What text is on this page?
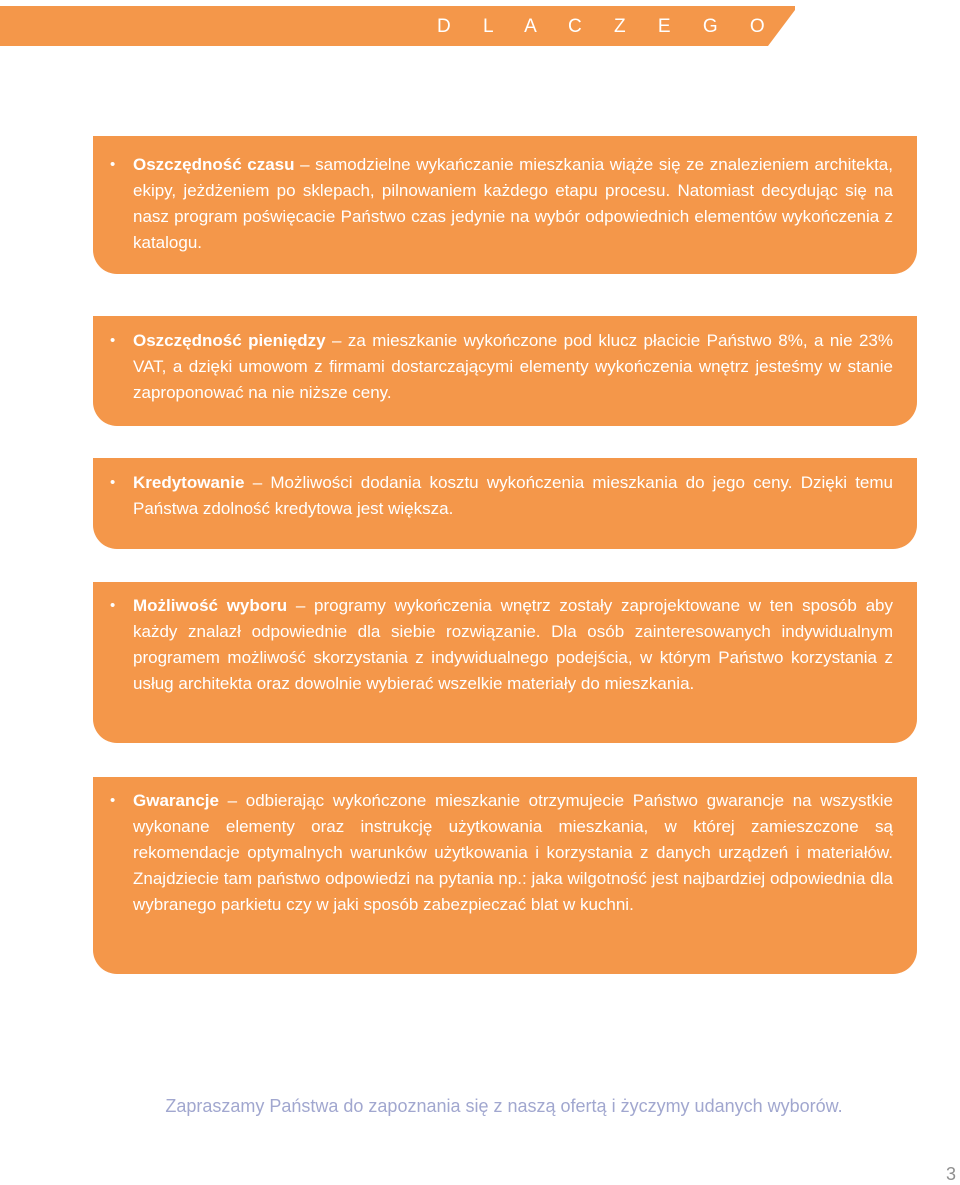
D L A C Z E G O ?
• Oszczędność czasu – samodzielne wykańczanie mieszkania wiąże się ze znalezieniem architekta, ekipy, jeżdżeniem po sklepach, pilnowaniem każdego etapu procesu. Natomiast decydując się na nasz program poświęcacie Państwo czas jedynie na wybór odpowiednich elementów wykończenia z katalogu.

• Oszczędność pieniędzy – za mieszkanie wykończone pod klucz płacicie Państwo 8%, a nie 23% VAT, a dzięki umowom z firmami dostarczającymi elementy wykończenia wnętrz jesteśmy w stanie zaproponować na nie niższe ceny.

• Kredytowanie – Możliwości dodania kosztu wykończenia mieszkania do jego ceny. Dzięki temu Państwa zdolność kredytowa jest większa.

• Możliwość wyboru – programy wykończenia wnętrz zostały zaprojektowane w ten sposób aby każdy znalazł odpowiednie dla siebie rozwiązanie. Dla osób zainteresowanych indywidualnym programem możliwość skorzystania z indywidualnego podejścia, w którym Państwo korzystania z usług architekta oraz dowolnie wybierać wszelkie materiały do mieszkania.

• Gwarancje – odbierając wykończone mieszkanie otrzymujecie Państwo gwarancje na wszystkie wykonane elementy oraz instrukcję użytkowania mieszkania, w której zamieszczone są rekomendacje optymalnych warunków użytkowania i korzystania z danych urządzeń i materiałów. Znajdziecie tam państwo odpowiedzi na pytania np.: jaka wilgotność jest najbardziej odpowiednia dla wybranego parkietu czy w jaki sposób zabezpieczać blat w kuchni.

Zapraszamy Państwa do zapoznania się z naszą ofertą i życzymy udanych wyborów.
3
